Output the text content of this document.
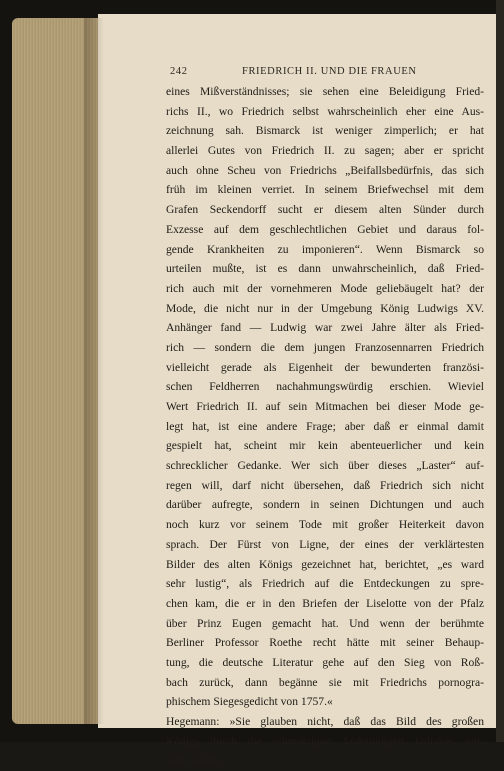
242	FRIEDRICH II. UND DIE FRAUEN
eines Mißverständnisses; sie sehen eine Beleidigung Fried-
richs II., wo Friedrich selbst wahrscheinlich eher eine Aus-
zeichnung sah. Bismarck ist weniger zimperlich; er hat
allerlei Gutes von Friedrich II. zu sagen; aber er spricht
auch ohne Scheu von Friedrichs „Beifallsbedürfnis, das sich
früh im kleinen verriet. In seinem Briefwechsel mit dem
Grafen Seckendorff sucht er diesem alten Sünder durch
Exzesse auf dem geschlechtlichen Gebiet und daraus fol-
gende Krankheiten zu imponieren“. Wenn Bismarck so
urteilen mußte, ist es dann unwahrscheinlich, daß Fried-
rich auch mit der vornehmeren Mode geliebäugelt hat? der
Mode, die nicht nur in der Umgebung König Ludwigs XV.
Anhänger fand — Ludwig war zwei Jahre älter als Fried-
rich — sondern die dem jungen Franzosennarren Friedrich
vielleicht gerade als Eigenheit der bewunderten französi-
schen Feldherren nachahmungswürdig erschien. Wieviel
Wert Friedrich II. auf sein Mitmachen bei dieser Mode ge-
legt hat, ist eine andere Frage; aber daß er einmal damit
gespielt hat, scheint mir kein abenteuerlicher und kein
schrecklicher Gedanke. Wer sich über dieses „Laster“ auf-
regen will, darf nicht übersehen, daß Friedrich sich nicht
darüber aufregte, sondern in seinen Dichtungen und auch
noch kurz vor seinem Tode mit großer Heiterkeit davon
sprach. Der Fürst von Ligne, der eines der verklärtesten
Bilder des alten Königs gezeichnet hat, berichtet, „es ward
sehr lustig“, als Friedrich auf die Entdeckungen zu spre-
chen kam, die er in den Briefen der Liselotte von der Pfalz
über Prinz Eugen gemacht hat. Und wenn der berühmte
Berliner Professor Roethe recht hätte mit seiner Behaup-
tung, die deutsche Literatur gehe auf den Sieg von Roß-
bach zurück, dann begänne sie mit Friedrichs pornogra-
phischem Siegesgedicht von 1757.«
Hegemann: »Sie glauben nicht, daß das Bild des großen
Königs durch die schmutzigen Andeutungen Voltaires ent-
stellt wird?«
